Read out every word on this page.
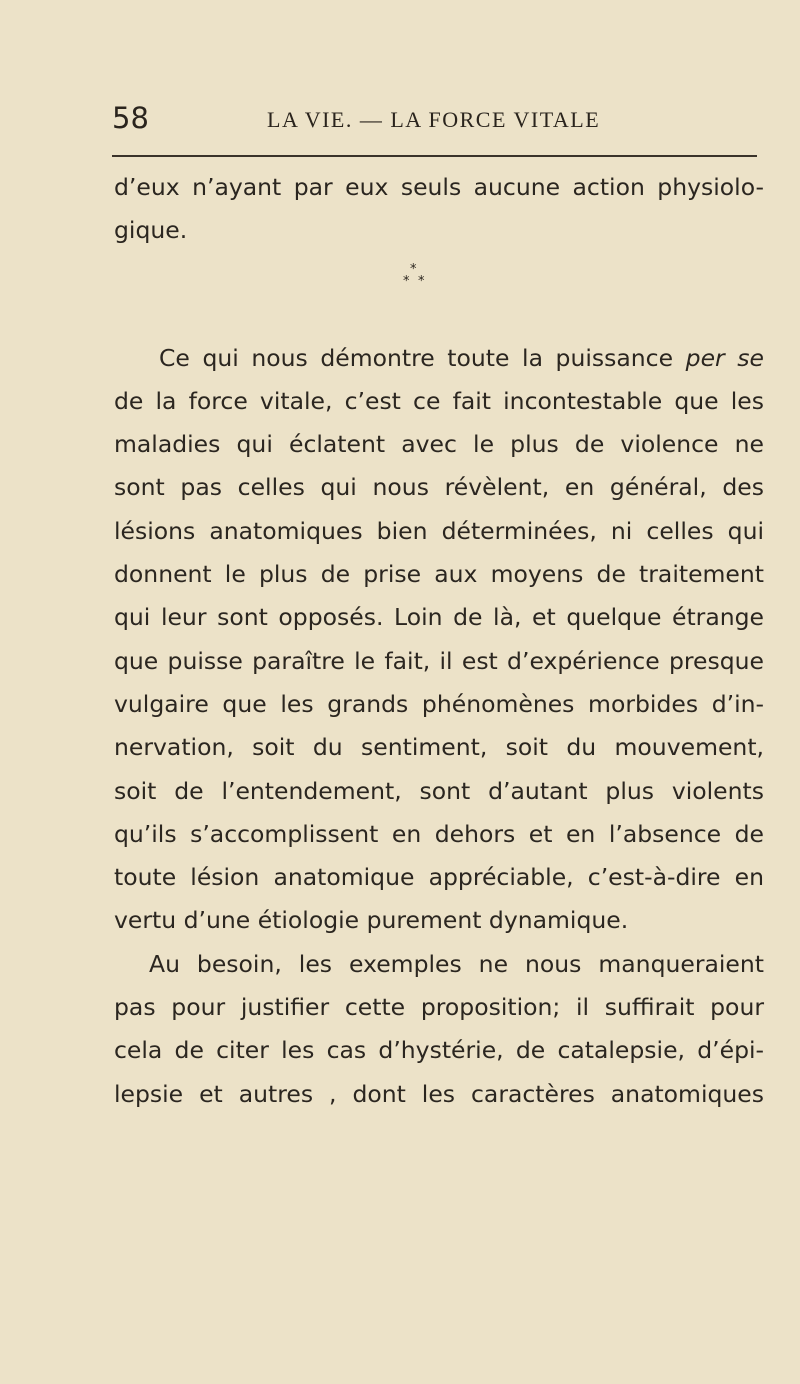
58	LA VIE. — LA FORCE VITALE
d’eux n’ayant par eux seuls aucune action physiolo-
gique.
*
* *
Ce qui nous démontre toute la puissance per se
de la force vitale, c’est ce fait incontestable que les
maladies qui éclatent avec le plus de violence ne
sont pas celles qui nous révèlent, en général, des
lésions anatomiques bien déterminées, ni celles qui
donnent le plus de prise aux moyens de traitement
qui leur sont opposés. Loin de là, et quelque étrange
que puisse paraître le fait, il est d’expérience presque
vulgaire que les grands phénomènes morbides d’in-
nervation, soit du sentiment, soit du mouvement,
soit de l’entendement, sont d’autant plus violents
qu’ils s’accomplissent en dehors et en l’absence de
toute lésion anatomique appréciable, c’est-à-dire en
vertu d’une étiologie purement dynamique.
Au besoin, les exemples ne nous manqueraient
pas pour justifier cette proposition; il suffirait pour
cela de citer les cas d’hystérie, de catalepsie, d’épi-
lepsie et autres , dont les caractères anatomiques
